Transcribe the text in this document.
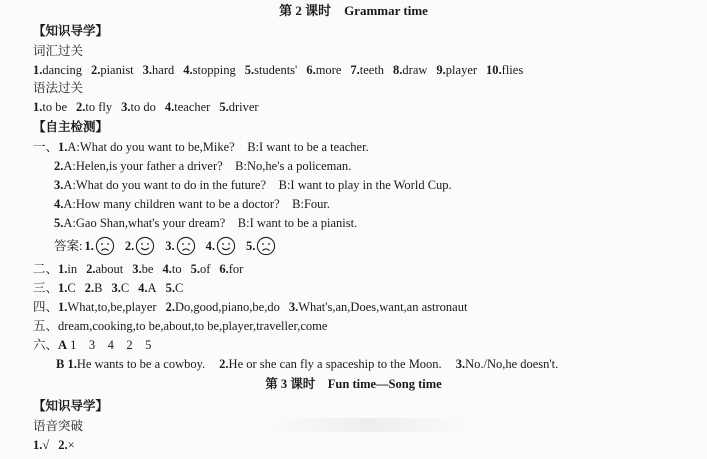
第 2 课时　Grammar time
【知识导学】
词汇过关
1.dancing 2.pianist 3.hard 4.stopping 5.students' 6.more 7.teeth 8.draw 9.player 10.flies
语法过关
1.to be 2.to fly 3.to do 4.teacher 5.driver
【自主检测】
一、1.A:What do you want to be,Mike?　B:I want to be a teacher.
2.A:Helen,is your father a driver?　B:No,he's a policeman.
3.A:What do you want to do in the future?　B:I want to play in the World Cup.
4.A:How many children want to be a doctor?　B:Four.
5.A:Gao Shan,what's your dream?　B:I want to be a pianist.
答案: 1. 2. 3. 4. 5.
二、1.in 2.about 3.be 4.to 5.of 6.for
三、1.C 2.B 3.C 4.A 5.C
四、1.What,to,be,player 2.Do,good,piano,be,do 3.What's,an,Does,want,an astronaut
五、dream,cooking,to be,about,to be,player,traveller,come
六、A 1　3　4　2　5
B 1.He wants to be a cowboy. 2.He or she can fly a spaceship to the Moon. 3.No./No,he doesn't.
第 3 课时　Fun time—Song time
【知识导学】
语音突破
1.√ 2.×
